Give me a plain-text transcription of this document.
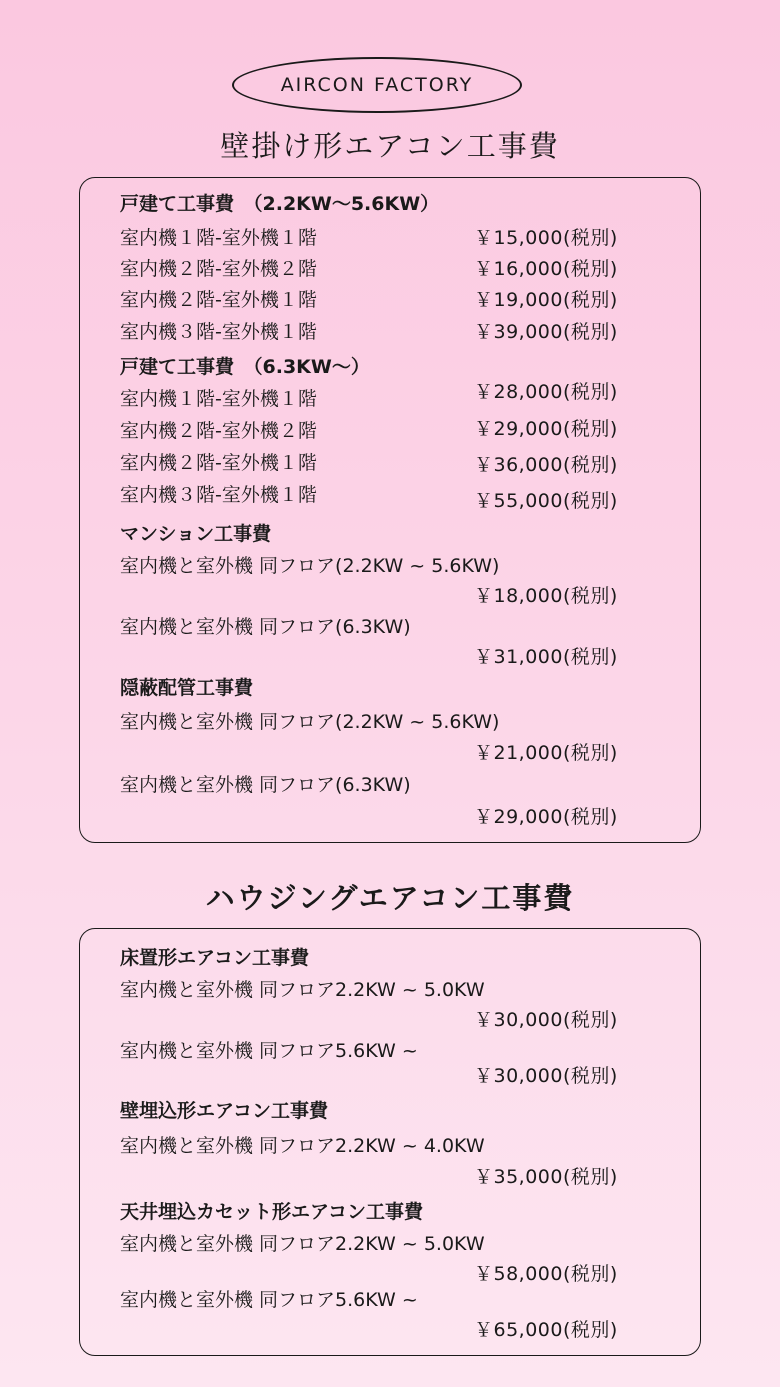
AIRCON FACTORY
壁掛け形エアコン工事費
戸建て工事費　（2.2KW〜5.6KW）
室内機１階-室外機１階	￥15,000(税別)
室内機２階-室外機２階	￥16,000(税別)
室内機２階-室外機１階	￥19,000(税別)
室内機３階-室外機１階	￥39,000(税別)
戸建て工事費　（6.3KW〜）
室内機１階-室外機１階	￥28,000(税別)
室内機２階-室外機２階	￥29,000(税別)
室内機２階-室外機１階	￥36,000(税別)
室内機３階-室外機１階	￥55,000(税別)
マンション工事費
室内機と室外機 同フロア(2.2KW ~ 5.6KW)
￥18,000(税別)
室内機と室外機 同フロア(6.3KW)
￥31,000(税別)
隠蔽配管工事費
室内機と室外機 同フロア(2.2KW ~ 5.6KW)
￥21,000(税別)
室内機と室外機 同フロア(6.3KW)
￥29,000(税別)
ハウジングエアコン工事費
床置形エアコン工事費
室内機と室外機 同フロア2.2KW ~ 5.0KW
￥30,000(税別)
室内機と室外機 同フロア5.6KW ~
￥30,000(税別)
壁埋込形エアコン工事費
室内機と室外機 同フロア2.2KW ~ 4.0KW
￥35,000(税別)
天井埋込カセット形エアコン工事費
室内機と室外機 同フロア2.2KW ~ 5.0KW
￥58,000(税別)
室内機と室外機 同フロア5.6KW ~
￥65,000(税別)
